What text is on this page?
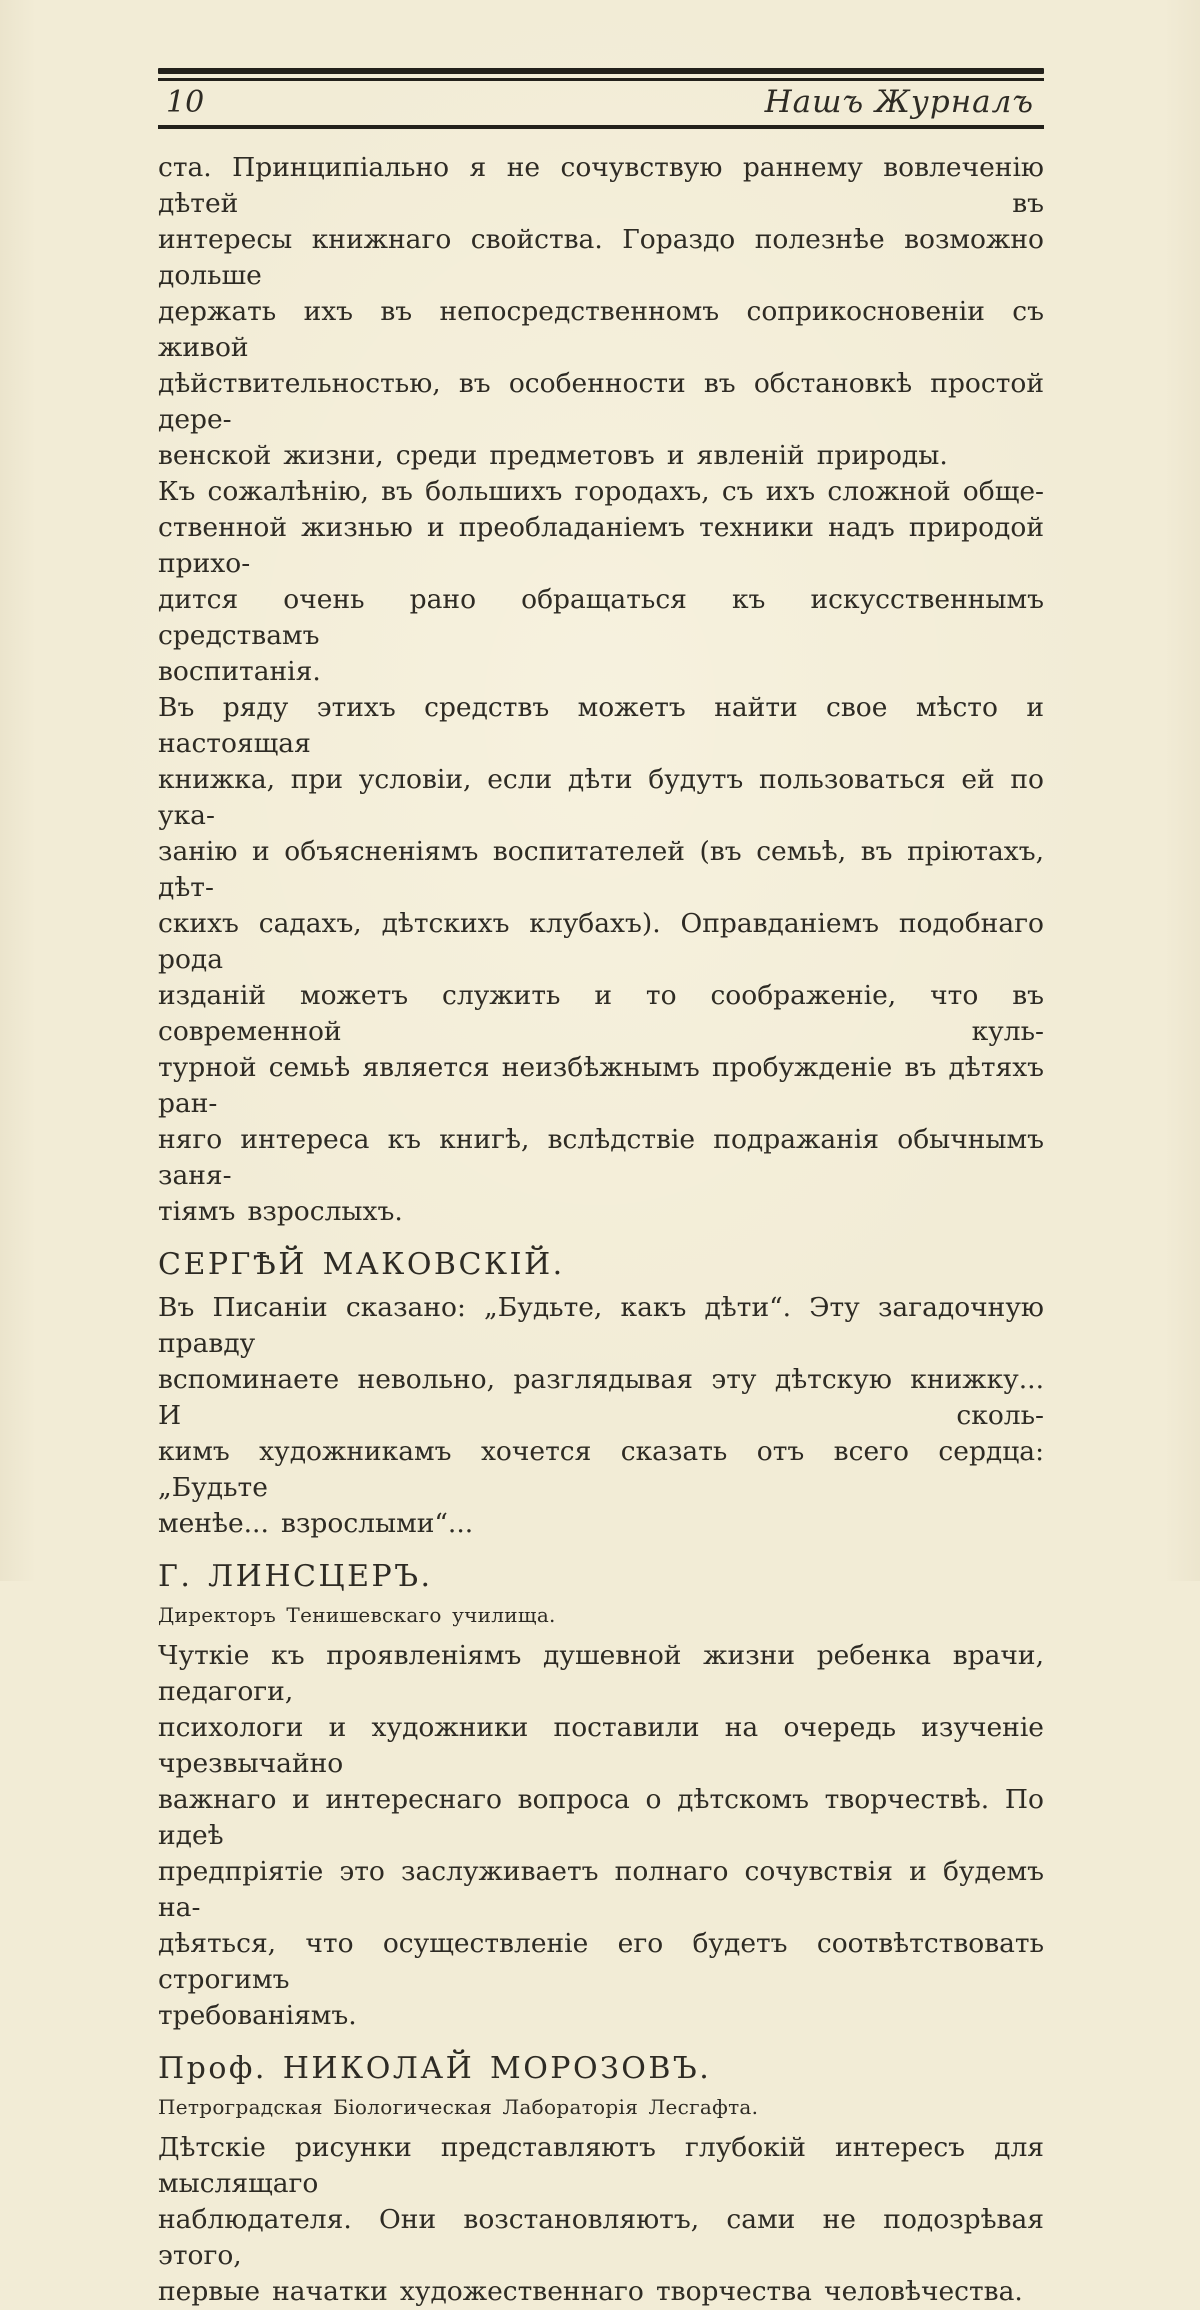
10	Нашъ Журналъ
ста. Принципіально я не сочувствую раннему вовлеченію дѣтей въ
интересы книжнаго свойства. Гораздо полезнѣе возможно дольше
держать ихъ въ непосредственномъ соприкосновеніи съ живой
дѣйствительностью, въ особенности въ обстановкѣ простой дере-
венской жизни, среди предметовъ и явленій природы.
Къ сожалѣнію, въ большихъ городахъ, съ ихъ сложной обще-
ственной жизнью и преобладаніемъ техники надъ природой прихо-
дится очень рано обращаться къ искусственнымъ средствамъ
воспитанія.
Въ ряду этихъ средствъ можетъ найти свое мѣсто и настоящая
книжка, при условіи, если дѣти будутъ пользоваться ей по ука-
занію и объясненіямъ воспитателей (въ семьѣ, въ пріютахъ, дѣт-
скихъ садахъ, дѣтскихъ клубахъ). Оправданіемъ подобнаго рода
изданій можетъ служить и то соображеніе, что въ современной куль-
турной семьѣ является неизбѣжнымъ пробужденіе въ дѣтяхъ ран-
няго интереса къ книгѣ, вслѣдствіе подражанія обычнымъ заня-
тіямъ взрослыхъ.
СЕРГѢЙ МАКОВСКІЙ.
Въ Писаніи сказано: „Будьте, какъ дѣти“. Эту загадочную правду
вспоминаете невольно, разглядывая эту дѣтскую книжку... И сколь-
кимъ художникамъ хочется сказать отъ всего сердца: „Будьте
менѣе... взрослыми“...
Г. ЛИНСЦЕРЪ.
Директоръ Тенишевскаго училища.
Чуткіе къ проявленіямъ душевной жизни ребенка врачи, педагоги,
психологи и художники поставили на очередь изученіе чрезвычайно
важнаго и интереснаго вопроса о дѣтскомъ творчествѣ. По идеѣ
предпріятіе это заслуживаетъ полнаго сочувствія и будемъ на-
дѣяться, что осуществленіе его будетъ соотвѣтствовать строгимъ
требованіямъ.
Проф. НИКОЛАЙ МОРОЗОВЪ.
Петроградская Біологическая Лабораторія Лесгафта.
Дѣтскіе рисунки представляютъ глубокій интересъ для мыслящаго
наблюдателя. Они возстановляютъ, сами не подозрѣвая этого,
первые начатки художественнаго творчества человѣчества.
